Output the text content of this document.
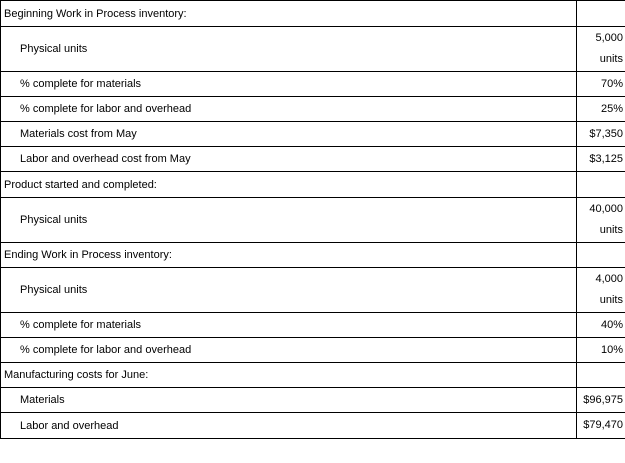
Beginning Work in Process inventory:	

Physical units	5,000
units

% complete for materials	70%

% complete for labor and overhead	25%

Materials cost from May	$7,350

Labor and overhead cost from May	$3,125

Product started and completed:	

Physical units	40,000
units

Ending Work in Process inventory:	

Physical units	4,000
units

% complete for materials	40%

% complete for labor and overhead	10%

Manufacturing costs for June:	

Materials	$96,975

Labor and overhead	$79,470
